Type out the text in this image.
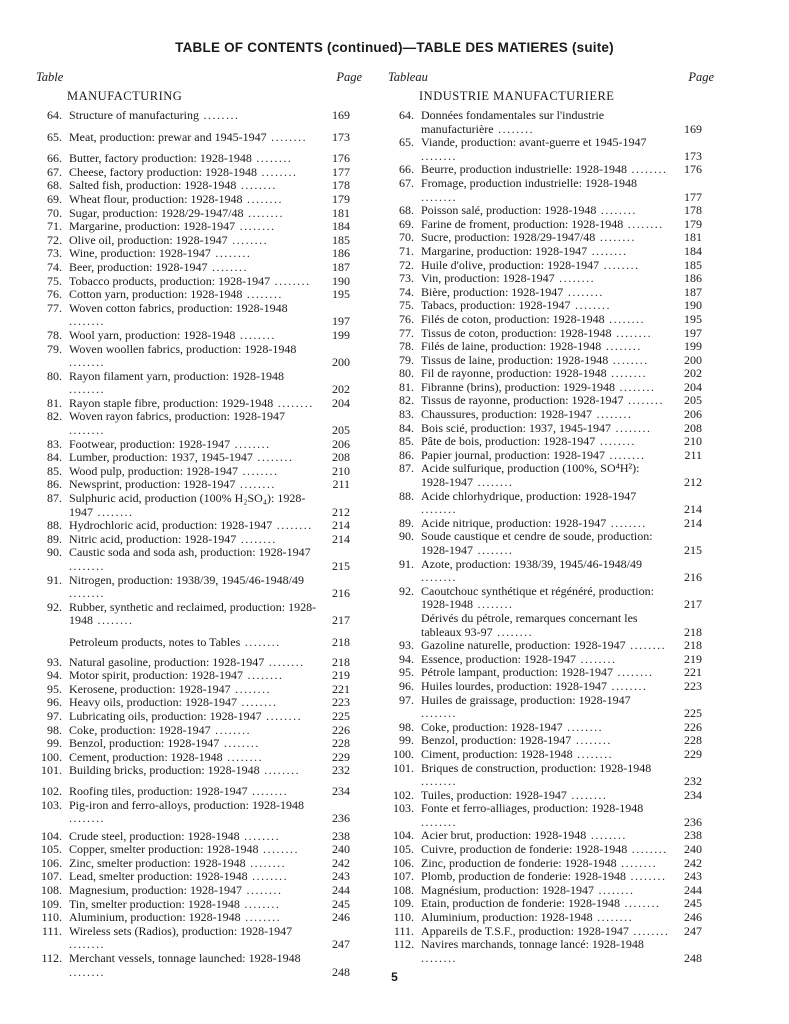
TABLE OF CONTENTS (continued)—TABLE DES MATIERES (suite)
Table	Page
MANUFACTURING
64. Structure of manufacturing ........	169
65. Meat, production: prewar and 1945-1947 ........	173
66. Butter, factory production: 1928-1948 ........	176
67. Cheese, factory production: 1928-1948 ........	177
68. Salted fish, production: 1928-1948 ........	178
69. Wheat flour, production: 1928-1948 ........	179
70. Sugar, production: 1928/29-1947/48 ........	181
71. Margarine, production: 1928-1947 ........	184
72. Olive oil, production: 1928-1947 ........	185
73. Wine, production: 1928-1947 ........	186
74. Beer, production: 1928-1947 ........	187
75. Tobacco products, production: 1928-1947 ........	190
76. Cotton yarn, production: 1928-1948 ........	195
77. Woven cotton fabrics, production: 1928-1948 ........	197
78. Wool yarn, production: 1928-1948 ........	199
79. Woven woollen fabrics, production: 1928-1948 ........	200
80. Rayon filament yarn, production: 1928-1948 ........	202
81. Rayon staple fibre, production: 1929-1948 ........	204
82. Woven rayon fabrics, production: 1928-1947 ........	205
83. Footwear, production: 1928-1947 ........	206
84. Lumber, production: 1937, 1945-1947 ........	208
85. Wood pulp, production: 1928-1947 ........	210
86. Newsprint, production: 1928-1947 ........	211
87. Sulphuric acid, production (100% H₂SO₄): 1928-1947 ........	212
88. Hydrochloric acid, production: 1928-1947 ........	214
89. Nitric acid, production: 1928-1947 ........	214
90. Caustic soda and soda ash, production: 1928-1947 ........	215
91. Nitrogen, production: 1938/39, 1945/46-1948/49 ........	216
92. Rubber, synthetic and reclaimed, production: 1928-1948 ........	217
Petroleum products, notes to Tables ........	218
93. Natural gasoline, production: 1928-1947 ........	218
94. Motor spirit, production: 1928-1947 ........	219
95. Kerosene, production: 1928-1947 ........	221
96. Heavy oils, production: 1928-1947 ........	223
97. Lubricating oils, production: 1928-1947 ........	225
98. Coke, production: 1928-1947 ........	226
99. Benzol, production: 1928-1947 ........	228
100. Cement, production: 1928-1948 ........	229
101. Building bricks, production: 1928-1948 ........	232
102. Roofing tiles, production: 1928-1947 ........	234
103. Pig-iron and ferro-alloys, production: 1928-1948 ........	236
104. Crude steel, production: 1928-1948 ........	238
105. Copper, smelter production: 1928-1948 ........	240
106. Zinc, smelter production: 1928-1948 ........	242
107. Lead, smelter production: 1928-1948 ........	243
108. Magnesium, production: 1928-1947 ........	244
109. Tin, smelter production: 1928-1948 ........	245
110. Aluminium, production: 1928-1948 ........	246
111. Wireless sets (Radios), production: 1928-1947 ........	247
112. Merchant vessels, tonnage launched: 1928-1948 ........	248
Tableau	Page
INDUSTRIE MANUFACTURIERE
64. Données fondamentales sur l'industrie manufacturière ........	169
65. Viande, production: avant-guerre et 1945-1947 ........	173
66. Beurre, production industrielle: 1928-1948 ........	176
67. Fromage, production industrielle: 1928-1948 ........	177
68. Poisson salé, production: 1928-1948 ........	178
69. Farine de froment, production: 1928-1948 ........	179
70. Sucre, production: 1928/29-1947/48 ........	181
71. Margarine, production: 1928-1947 ........	184
72. Huile d'olive, production: 1928-1947 ........	185
73. Vin, production: 1928-1947 ........	186
74. Bière, production: 1928-1947 ........	187
75. Tabacs, production: 1928-1947 ........	190
76. Filés de coton, production: 1928-1948 ........	195
77. Tissus de coton, production: 1928-1948 ........	197
78. Filés de laine, production: 1928-1948 ........	199
79. Tissus de laine, production: 1928-1948 ........	200
80. Fil de rayonne, production: 1928-1948 ........	202
81. Fibranne (brins), production: 1929-1948 ........	204
82. Tissus de rayonne, production: 1928-1947 ........	205
83. Chaussures, production: 1928-1947 ........	206
84. Bois scié, production: 1937, 1945-1947 ........	208
85. Pâte de bois, production: 1928-1947 ........	210
86. Papier journal, production: 1928-1947 ........	211
87. Acide sulfurique, production (100%, SO⁴H²): 1928-1947 ........	212
88. Acide chlorhydrique, production: 1928-1947 ........	214
89. Acide nitrique, production: 1928-1947 ........	214
90. Soude caustique et cendre de soude, production: 1928-1947 ........	215
91. Azote, production: 1938/39, 1945/46-1948/49 ........	216
92. Caoutchouc synthétique et régénéré, production: 1928-1948 ........	217
Dérivés du pétrole, remarques concernant les tableaux 93-97 ........	218
93. Gazoline naturelle, production: 1928-1947 ........	218
94. Essence, production: 1928-1947 ........	219
95. Pétrole lampant, production: 1928-1947 ........	221
96. Huiles lourdes, production: 1928-1947 ........	223
97. Huiles de graissage, production: 1928-1947 ........	225
98. Coke, production: 1928-1947 ........	226
99. Benzol, production: 1928-1947 ........	228
100. Ciment, production: 1928-1948 ........	229
101. Briques de construction, production: 1928-1948 ........	232
102. Tuiles, production: 1928-1947 ........	234
103. Fonte et ferro-alliages, production: 1928-1948 ........	236
104. Acier brut, production: 1928-1948 ........	238
105. Cuivre, production de fonderie: 1928-1948 ........	240
106. Zinc, production de fonderie: 1928-1948 ........	242
107. Plomb, production de fonderie: 1928-1948 ........	243
108. Magnésium, production: 1928-1947 ........	244
109. Etain, production de fonderie: 1928-1948 ........	245
110. Aluminium, production: 1928-1948 ........	246
111. Appareils de T.S.F., production: 1928-1947 ........	247
112. Navires marchands, tonnage lancé: 1928-1948 ........	248
5
